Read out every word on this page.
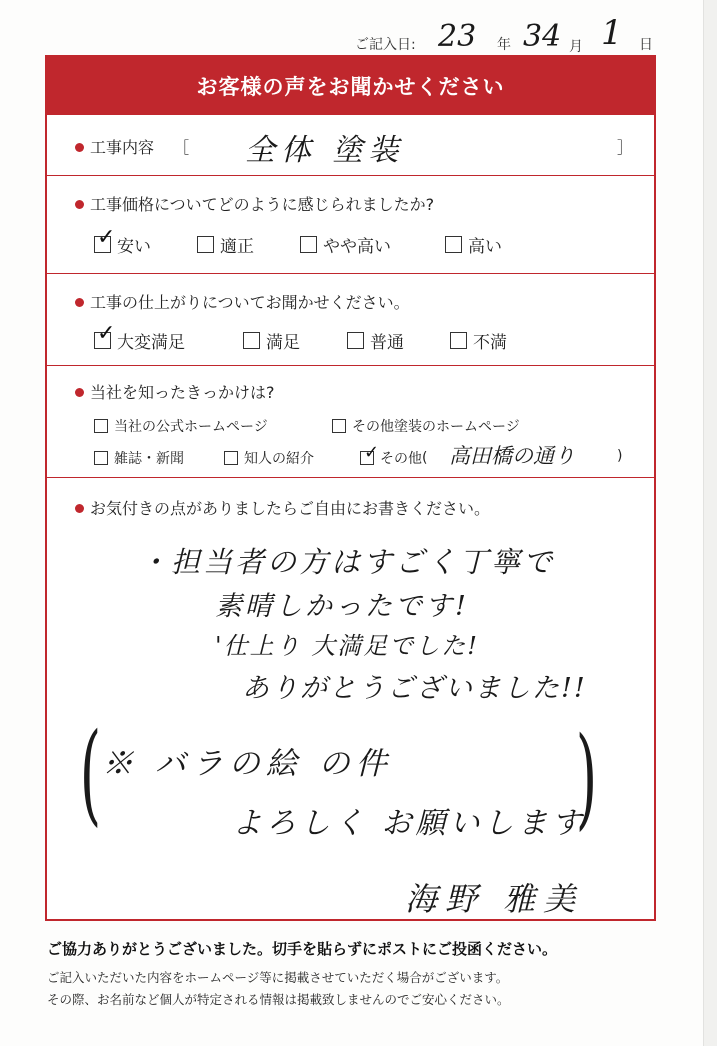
ご記入日: 23 年 34 月 1 日
お客様の声をお聞かせください
工事内容 ［ 全体 塗装	］
工事価格についてどのように感じられましたか?
✓ 安い	適正	やや高い	高い
工事の仕上がりについてお聞かせください。
✓ 大変満足	満足	普通	不満
当社を知ったきっかけは?
当社の公式ホームページ	その他塗装のホームページ
雑誌・新聞	知人の紹介	✓ その他 ( 高田橋の通り	)
お気付きの点がありましたらご自由にお書きください。
・担当者の方はすごく丁寧で
素晴しかったです!
'仕上り 大満足でした!
ありがとうございました!!
( ※ バラの絵 の件
よろしく お願いします
)
海野 雅美
ご協力ありがとうございました。切手を貼らずにポストにご投函ください。
ご記入いただいた内容をホームページ等に掲載させていただく場合がございます。
その際、お名前など個人が特定される情報は掲載致しませんのでご安心ください。
